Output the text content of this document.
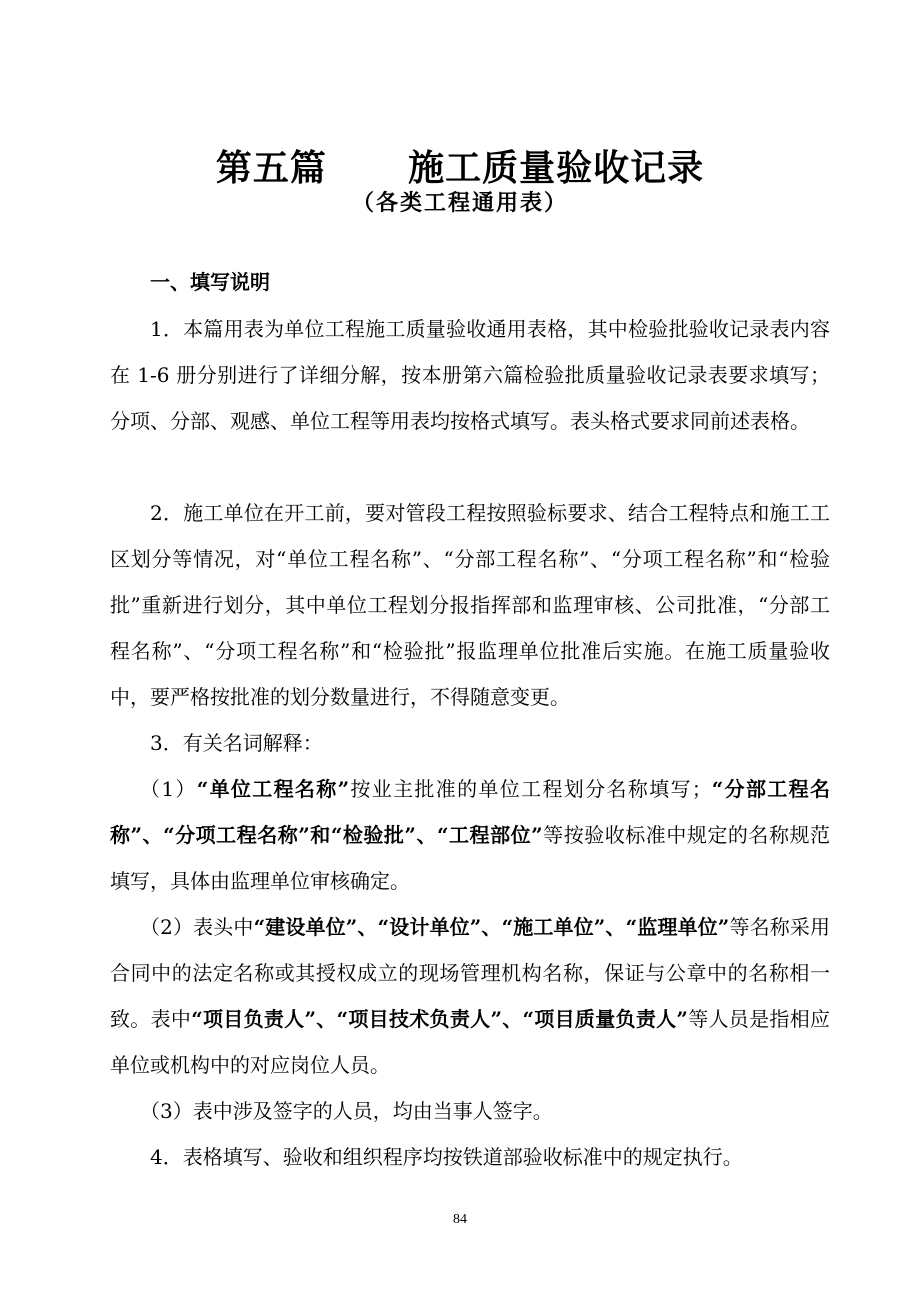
第五篇      施工质量验收记录
（各类工程通用表）
一、填写说明

1．本篇用表为单位工程施工质量验收通用表格，其中检验批验收记录表内容在 1-6 册分别进行了详细分解，按本册第六篇检验批质量验收记录表要求填写；分项、分部、观感、单位工程等用表均按格式填写。表头格式要求同前述表格。

2．施工单位在开工前，要对管段工程按照验标要求、结合工程特点和施工工区划分等情况，对“单位工程名称”、“分部工程名称”、“分项工程名称”和“检验批”重新进行划分，其中单位工程划分报指挥部和监理审核、公司批准，“分部工程名称”、“分项工程名称”和“检验批”报监理单位批准后实施。在施工质量验收中，要严格按批准的划分数量进行，不得随意变更。

3．有关名词解释：

（1）“单位工程名称”按业主批准的单位工程划分名称填写；“分部工程名称”、“分项工程名称”和“检验批”、“工程部位”等按验收标准中规定的名称规范填写，具体由监理单位审核确定。

（2）表头中“建设单位”、“设计单位”、“施工单位”、“监理单位”等名称采用合同中的法定名称或其授权成立的现场管理机构名称，保证与公章中的名称相一致。表中“项目负责人”、“项目技术负责人”、“项目质量负责人”等人员是指相应单位或机构中的对应岗位人员。

（3）表中涉及签字的人员，均由当事人签字。

4．表格填写、验收和组织程序均按铁道部验收标准中的规定执行。

84
